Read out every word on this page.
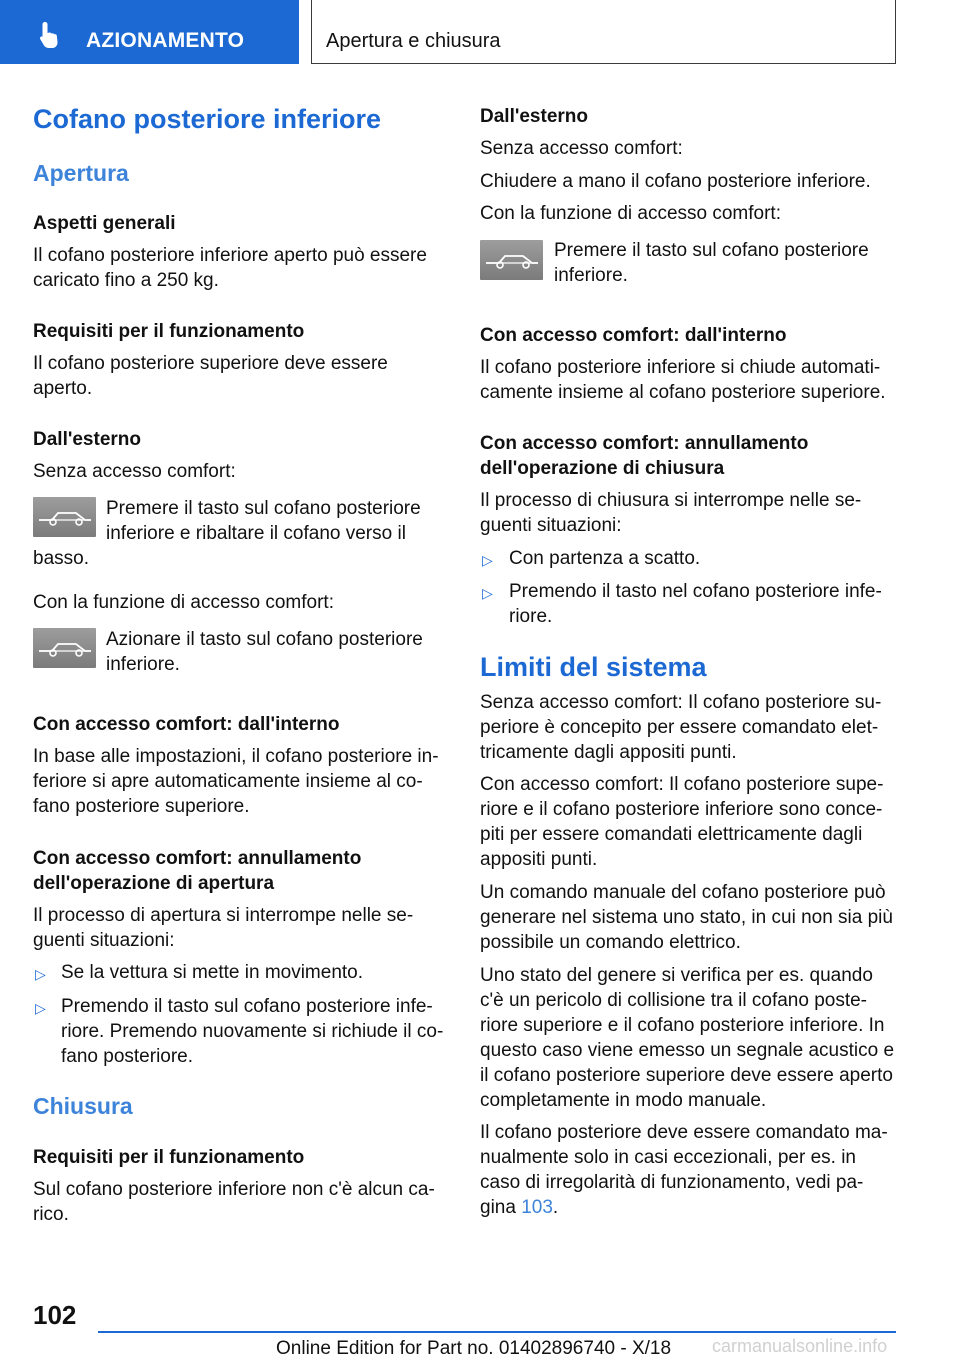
AZIONAMENTO	Apertura e chiusura
Cofano posteriore inferiore
Apertura
Aspetti generali
Il cofano posteriore inferiore aperto può essere
caricato fino a 250 kg.
Requisiti per il funzionamento
Il cofano posteriore superiore deve essere
aperto.
Dall'esterno
Senza accesso comfort:
Premere il tasto sul cofano posteriore
inferiore e ribaltare il cofano verso il
basso.
Con la funzione di accesso comfort:
Azionare il tasto sul cofano posteriore
inferiore.
Con accesso comfort: dall'interno
In base alle impostazioni, il cofano posteriore in-
feriore si apre automaticamente insieme al co-
fano posteriore superiore.
Con accesso comfort: annullamento
dell'operazione di apertura
Il processo di apertura si interrompe nelle se-
guenti situazioni:
▷ Se la vettura si mette in movimento.
▷ Premendo il tasto sul cofano posteriore infe-
riore. Premendo nuovamente si richiude il co-
fano posteriore.
Chiusura
Requisiti per il funzionamento
Sul cofano posteriore inferiore non c'è alcun ca-
rico.
Dall'esterno
Senza accesso comfort:
Chiudere a mano il cofano posteriore inferiore.
Con la funzione di accesso comfort:
Premere il tasto sul cofano posteriore
inferiore.
Con accesso comfort: dall'interno
Il cofano posteriore inferiore si chiude automati-
camente insieme al cofano posteriore superiore.
Con accesso comfort: annullamento
dell'operazione di chiusura
Il processo di chiusura si interrompe nelle se-
guenti situazioni:
▷ Con partenza a scatto.
▷ Premendo il tasto nel cofano posteriore infe-
riore.
Limiti del sistema
Senza accesso comfort: Il cofano posteriore su-
periore è concepito per essere comandato elet-
tricamente dagli appositi punti.
Con accesso comfort: Il cofano posteriore supe-
riore e il cofano posteriore inferiore sono conce-
piti per essere comandati elettricamente dagli
appositi punti.
Un comando manuale del cofano posteriore può
generare nel sistema uno stato, in cui non sia più
possibile un comando elettrico.
Uno stato del genere si verifica per es. quando
c'è un pericolo di collisione tra il cofano poste-
riore superiore e il cofano posteriore inferiore. In
questo caso viene emesso un segnale acustico e
il cofano posteriore superiore deve essere aperto
completamente in modo manuale.
Il cofano posteriore deve essere comandato ma-
nualmente solo in casi eccezionali, per es. in
caso di irregolarità di funzionamento, vedi pa-
gina 103.
102
Online Edition for Part no. 01402896740 - X/18 carmanualsonline.info
